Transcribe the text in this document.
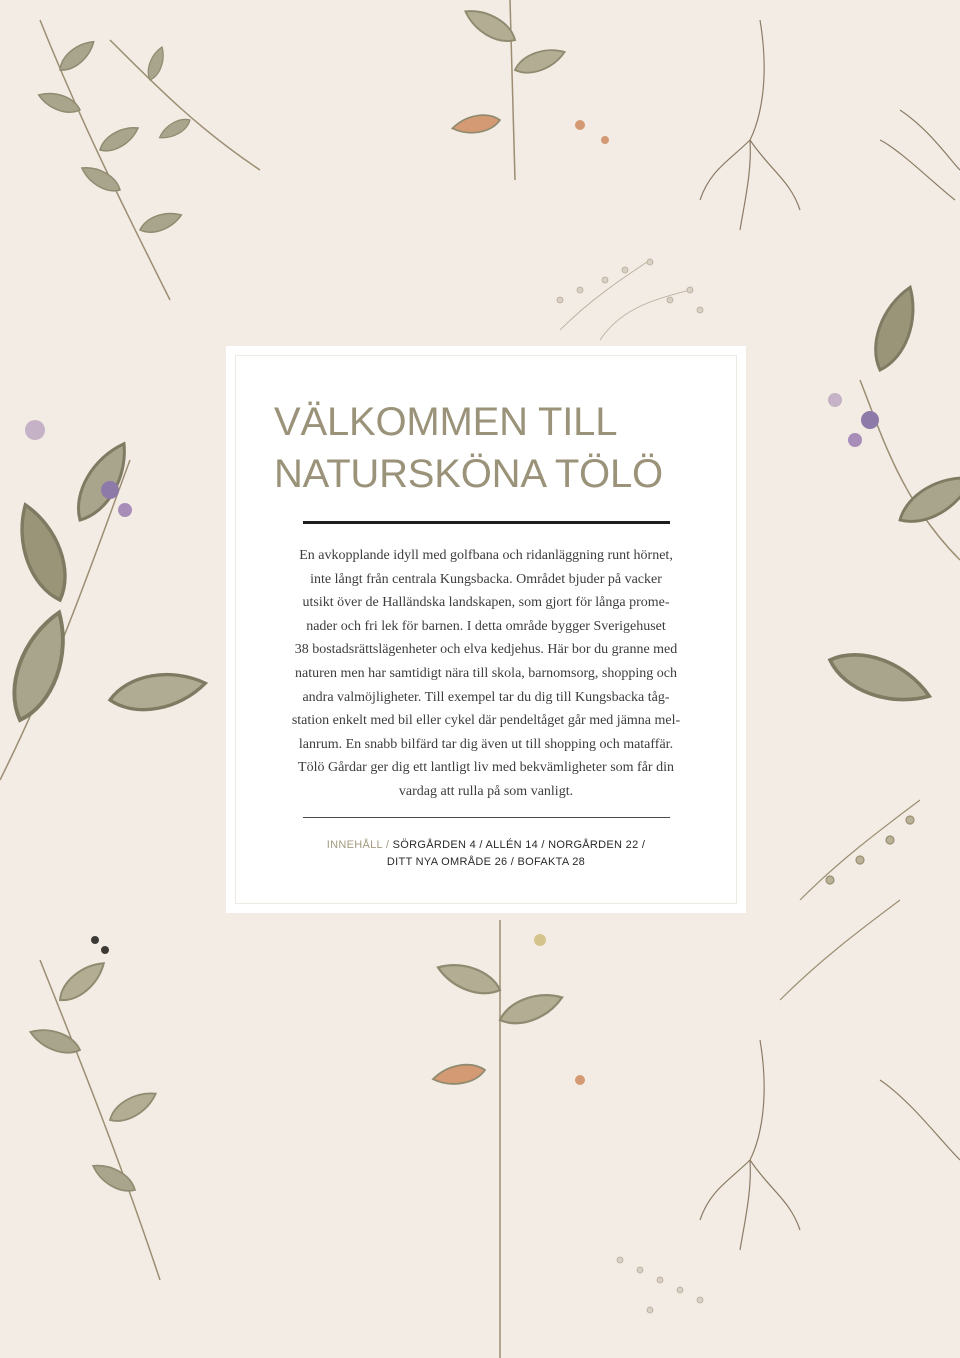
VÄLKOMMEN TILL
NATURSKÖNA TÖLÖ
En avkopplande idyll med golfbana och ridanläggning runt hörnet,
inte långt från centrala Kungsbacka. Området bjuder på vacker
utsikt över de Halländska landskapen, som gjort för långa prome-
nader och fri lek för barnen. I detta område bygger Sverigehuset
38 bostadsrättslägenheter och elva kedjehus. Här bor du granne med
naturen men har samtidigt nära till skola, barnomsorg, shopping och
andra valmöjligheter. Till exempel tar du dig till Kungsbacka tåg-
station enkelt med bil eller cykel där pendeltåget går med jämna mel-
lanrum. En snabb bilfärd tar dig även ut till shopping och mataffär.
Tölö Gårdar ger dig ett lantligt liv med bekvämligheter som får din
vardag att rulla på som vanligt.
INNEHÅLL / SÖRGÅRDEN 4 / ALLÉN 14 / NORGÅRDEN 22 /
DITT NYA OMRÅDE 26 / BOFAKTA 28
